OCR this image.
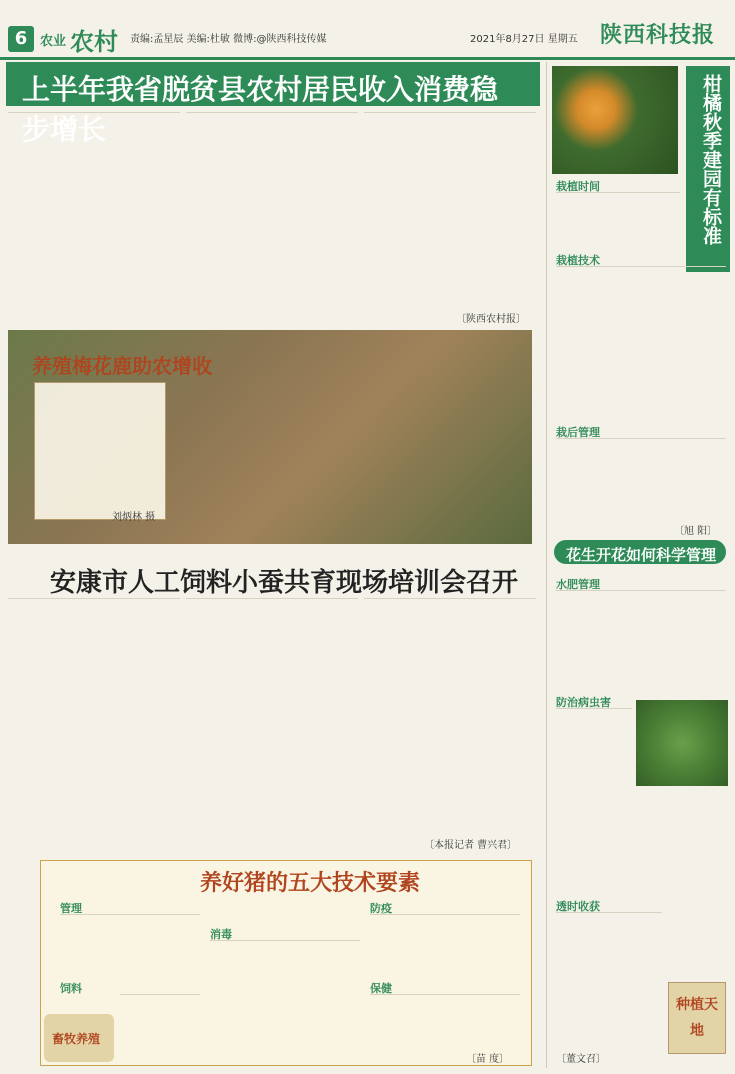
6 农业 农村 责编:孟星辰 美编:杜敏 微博:@陕西科技传媒	2021年8月27日 星期五 陕西科技报
上半年我省脱贫县农村居民收入消费稳步增长
〔陕西农村报〕
养殖梅花鹿助农增收
刘炳林 摄
安康市人工饲料小蚕共育现场培训会召开
〔本报记者 曹兴君〕
养好猪的五大技术要素
管理
饲料
消毒
防疫
保健
〔苗 度〕
畜牧养殖
柑橘秋季建园有标准
栽植时间
栽植技术
栽后管理
〔旭 阳〕
花生开花如何科学管理
水肥管理
防治病虫害
透时收获
〔董文召〕
种植天地
